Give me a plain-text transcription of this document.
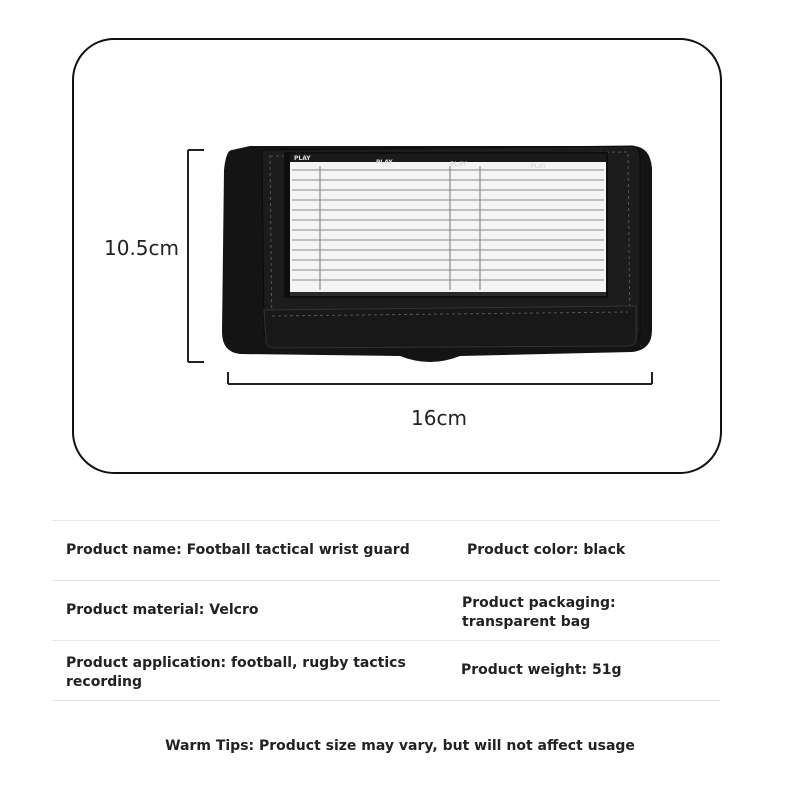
10.5cm
16cm
PLAY
PLAY	PLAY	PLAY
Product name: Football tactical wrist guard	Product color: black
Product material: Velcro	Product packaging:
transparent bag
Product application: football, rugby tactics
recording
Product weight: 51g
Warm Tips: Product size may vary, but will not affect usage
